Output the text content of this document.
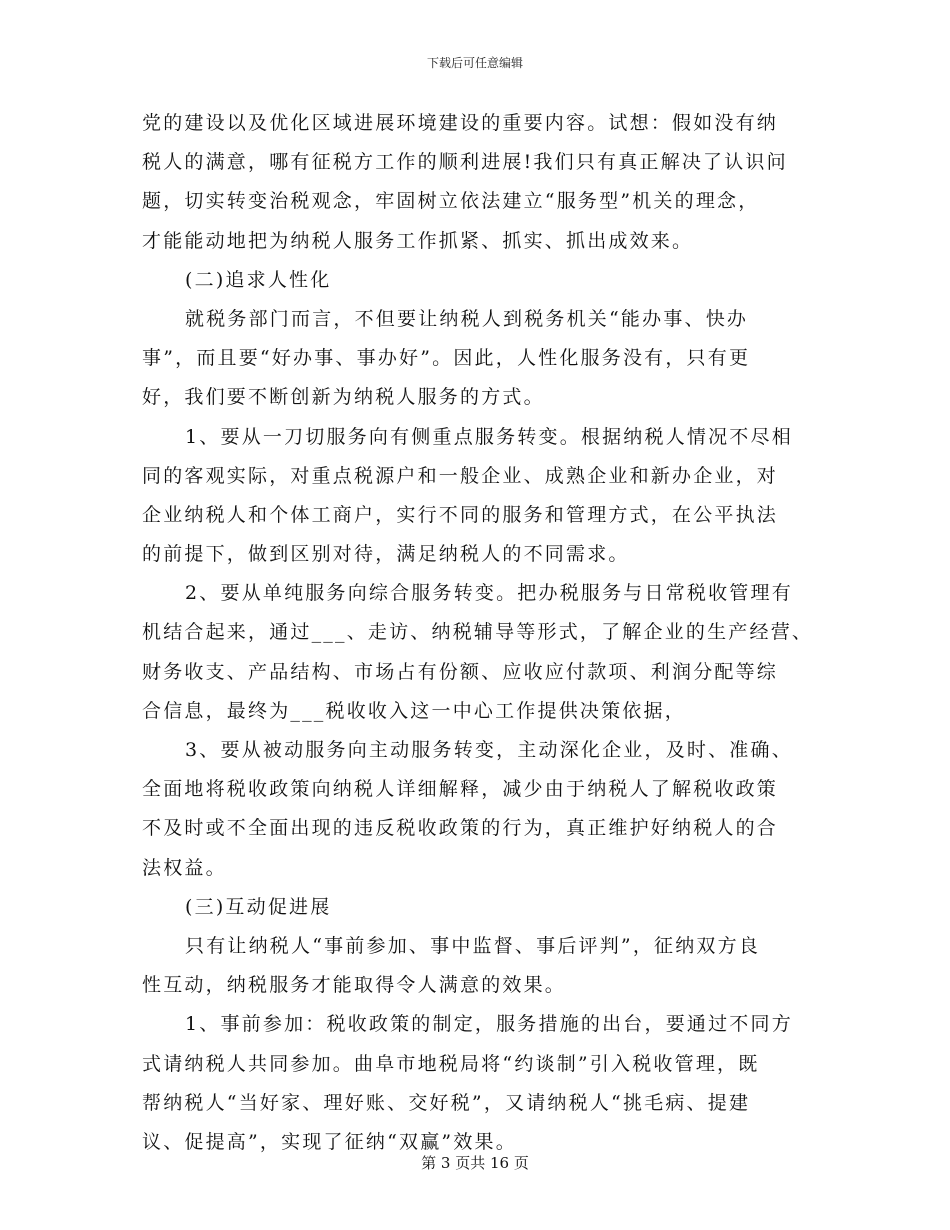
下载后可任意编辑
党的建设以及优化区域进展环境建设的重要内容。试想：假如没有纳
税人的满意，哪有征税方工作的顺利进展!我们只有真正解决了认识问
题，切实转变治税观念，牢固树立依法建立“服务型”机关的理念，
才能能动地把为纳税人服务工作抓紧、抓实、抓出成效来。
(二)追求人性化
就税务部门而言，不但要让纳税人到税务机关“能办事、快办
事”，而且要“好办事、事办好”。因此，人性化服务没有，只有更
好，我们要不断创新为纳税人服务的方式。
1、要从一刀切服务向有侧重点服务转变。根据纳税人情况不尽相
同的客观实际，对重点税源户和一般企业、成熟企业和新办企业，对
企业纳税人和个体工商户，实行不同的服务和管理方式，在公平执法
的前提下，做到区别对待，满足纳税人的不同需求。
2、要从单纯服务向综合服务转变。把办税服务与日常税收管理有
机结合起来，通过___、走访、纳税辅导等形式，了解企业的生产经营、
财务收支、产品结构、市场占有份额、应收应付款项、利润分配等综
合信息，最终为___税收收入这一中心工作提供决策依据，
3、要从被动服务向主动服务转变，主动深化企业，及时、准确、
全面地将税收政策向纳税人详细解释，减少由于纳税人了解税收政策
不及时或不全面出现的违反税收政策的行为，真正维护好纳税人的合
法权益。
(三)互动促进展
只有让纳税人“事前参加、事中监督、事后评判”，征纳双方良
性互动，纳税服务才能取得令人满意的效果。
1、事前参加：税收政策的制定，服务措施的出台，要通过不同方
式请纳税人共同参加。曲阜市地税局将“约谈制”引入税收管理，既
帮纳税人“当好家、理好账、交好税”，又请纳税人“挑毛病、提建
议、促提高”，实现了征纳“双赢”效果。
第 3 页共 16 页
